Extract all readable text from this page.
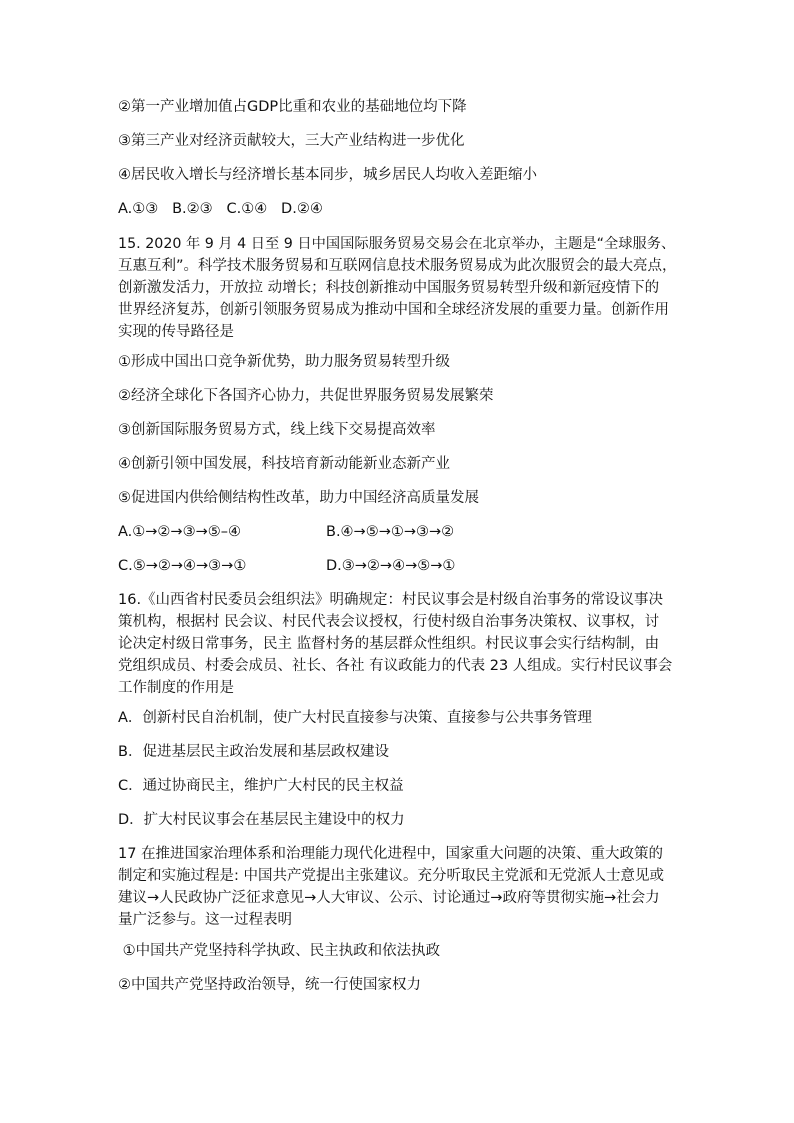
②第一产业增加值占GDP比重和农业的基础地位均下降
③第三产业对经济贡献较大，三大产业结构进一步优化
④居民收入增长与经济增长基本同步，城乡居民人均收入差距缩小
A.①③   B.②③   C.①④   D.②④
15. 2020 年 9 月 4 日至 9 日中国国际服务贸易交易会在北京举办，主题是“全球服务、
互惠互利”。科学技术服务贸易和互联网信息技术服务贸易成为此次服贸会的最大亮点，
创新激发活力，开放拉 动增长；科技创新推动中国服务贸易转型升级和新冠疫情下的
世界经济复苏，创新引领服务贸易成为推动中国和全球经济发展的重要力量。创新作用
实现的传导路径是
①形成中国出口竞争新优势，助力服务贸易转型升级
②经济全球化下各国齐心协力，共促世界服务贸易发展繁荣
③创新国际服务贸易方式，线上线下交易提高效率
④创新引领中国发展，科技培育新动能新业态新产业
⑤促进国内供给侧结构性改革，助力中国经济高质量发展
A.①→②→③→⑤–④	B.④→⑤→①→③→②
C.⑤→②→④→③→①	D.③→②→④→⑤→①
16.《山西省村民委员会组织法》明确规定：村民议事会是村级自治事务的常设议事决
策机构，根据村 民会议、村民代表会议授权，行使村级自治事务决策权、议事权，讨
论决定村级日常事务，民主 监督村务的基层群众性组织。村民议事会实行结构制，由
党组织成员、村委会成员、社长、各社 有议政能力的代表 23 人组成。实行村民议事会
工作制度的作用是
A．创新村民自治机制，使广大村民直接参与决策、直接参与公共事务管理
B．促进基层民主政治发展和基层政权建设
C．通过协商民主，维护广大村民的民主权益
D．扩大村民议事会在基层民主建设中的权力
17 在推进国家治理体系和治理能力现代化进程中，国家重大问题的决策、重大政策的
制定和实施过程是: 中国共产党提出主张建议。充分听取民主党派和无党派人士意见或
建议→人民政协广泛征求意见→人大审议、公示、讨论通过→政府等贯彻实施→社会力
量广泛参与。这一过程表明
①中国共产党坚持科学执政、民主执政和依法执政
②中国共产党坚持政治领导，统一行使国家权力
